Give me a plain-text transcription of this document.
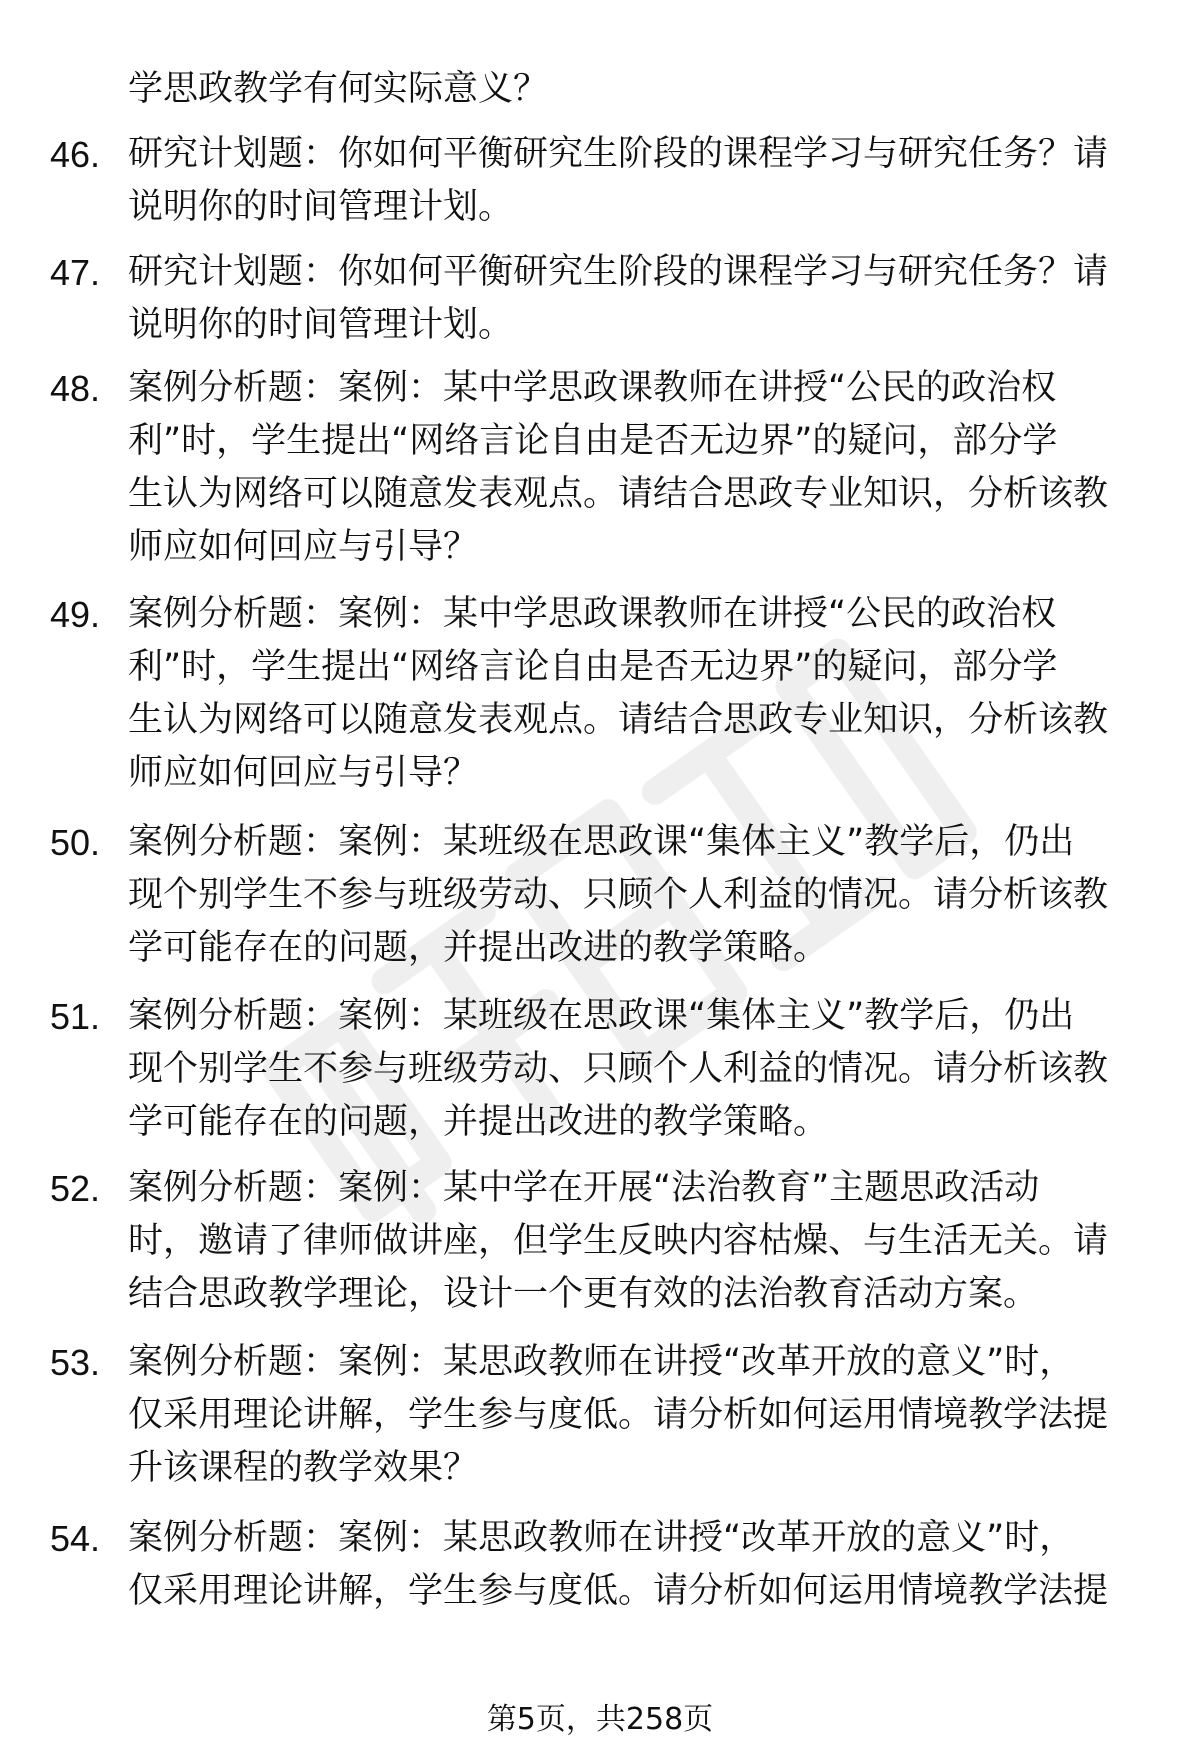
学思政教学有何实际意义？
46. 研究计划题：你如何平衡研究生阶段的课程学习与研究任务？请
说明你的时间管理计划。
47. 研究计划题：你如何平衡研究生阶段的课程学习与研究任务？请
说明你的时间管理计划。
48. 案例分析题：案例：某中学思政课教师在讲授“公民的政治权
利”时，学生提出“网络言论自由是否无边界”的疑问，部分学
生认为网络可以随意发表观点。请结合思政专业知识，分析该教
师应如何回应与引导？
49. 案例分析题：案例：某中学思政课教师在讲授“公民的政治权
利”时，学生提出“网络言论自由是否无边界”的疑问，部分学
生认为网络可以随意发表观点。请结合思政专业知识，分析该教
师应如何回应与引导？
50. 案例分析题：案例：某班级在思政课“集体主义”教学后，仍出
现个别学生不参与班级劳动、只顾个人利益的情况。请分析该教
学可能存在的问题，并提出改进的教学策略。
51. 案例分析题：案例：某班级在思政课“集体主义”教学后，仍出
现个别学生不参与班级劳动、只顾个人利益的情况。请分析该教
学可能存在的问题，并提出改进的教学策略。
52. 案例分析题：案例：某中学在开展“法治教育”主题思政活动
时，邀请了律师做讲座，但学生反映内容枯燥、与生活无关。请
结合思政教学理论，设计一个更有效的法治教育活动方案。
53. 案例分析题：案例：某思政教师在讲授“改革开放的意义”时，
仅采用理论讲解，学生参与度低。请分析如何运用情境教学法提
升该课程的教学效果？
54. 案例分析题：案例：某思政教师在讲授“改革开放的意义”时，
仅采用理论讲解，学生参与度低。请分析如何运用情境教学法提
第5页，共258页
